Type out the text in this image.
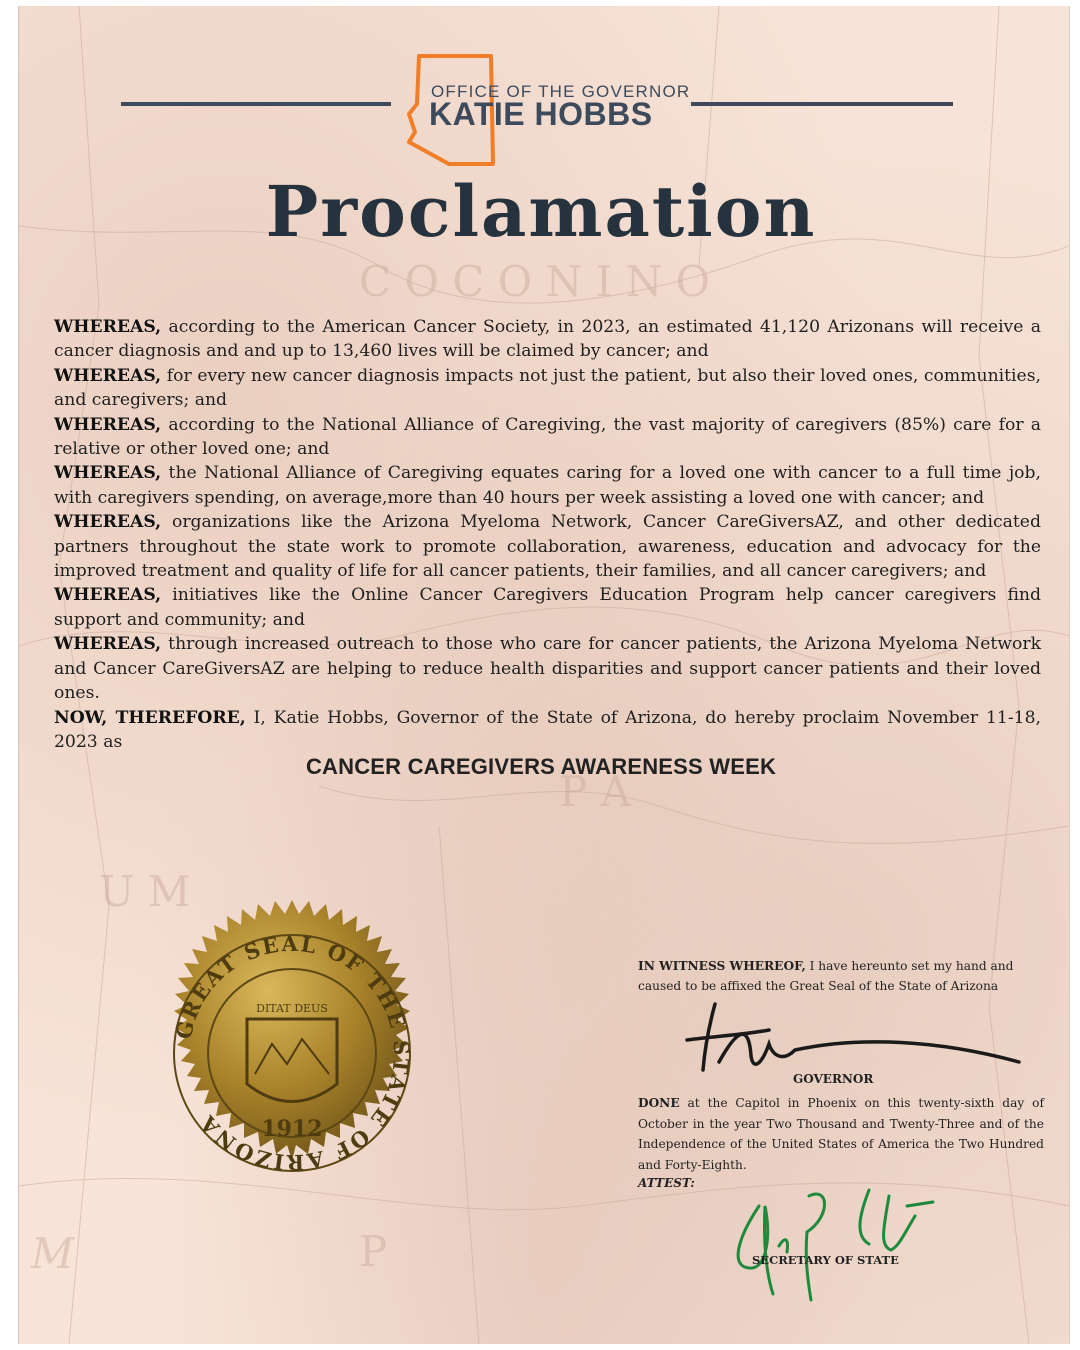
C O C O N I N O
P A
U M
M	P
OFFICE OF THE GOVERNOR
KATIE HOBBS
Proclamation

WHEREAS, according to the American Cancer Society, in 2023, an estimated 41,120 Arizonans will receive a cancer diagnosis and and up to 13,460 lives will be claimed by cancer; and

WHEREAS, for every new cancer diagnosis impacts not just the patient, but also their loved ones, communities, and caregivers; and

WHEREAS, according to the National Alliance of Caregiving, the vast majority of caregivers (85%) care for a relative or other loved one; and

WHEREAS, the National Alliance of Caregiving equates caring for a loved one with cancer to a full time job, with caregivers spending, on average,more than 40 hours per week assisting a loved one with cancer; and

WHEREAS, organizations like the Arizona Myeloma Network, Cancer CareGiversAZ, and other dedicated partners throughout the state work to promote collaboration, awareness, education and advocacy for the improved treatment and quality of life for all cancer patients, their families, and all cancer caregivers; and

WHEREAS, initiatives like the Online Cancer Caregivers Education Program help cancer caregivers find support and community; and

WHEREAS, through increased outreach to those who care for cancer patients, the Arizona Myeloma Network and Cancer CareGiversAZ are helping to reduce health disparities and support cancer patients and their loved ones.

NOW, THEREFORE, I, Katie Hobbs, Governor of the State of Arizona, do hereby proclaim November 11-18, 2023 as

CANCER CAREGIVERS AWARENESS WEEK
GREAT SEAL OF THE STATE OF ARIZONA
DITAT DEUS
1912
IN WITNESS WHEREOF, I have hereunto set my hand and caused to be affixed the Great Seal of the State of Arizona
GOVERNOR
DONE at the Capitol in Phoenix on this twenty-sixth day of October in the year Two Thousand and Twenty-Three and of the Independence of the United States of America the Two Hundred and Forty-Eighth.
ATTEST:
SECRETARY OF STATE
